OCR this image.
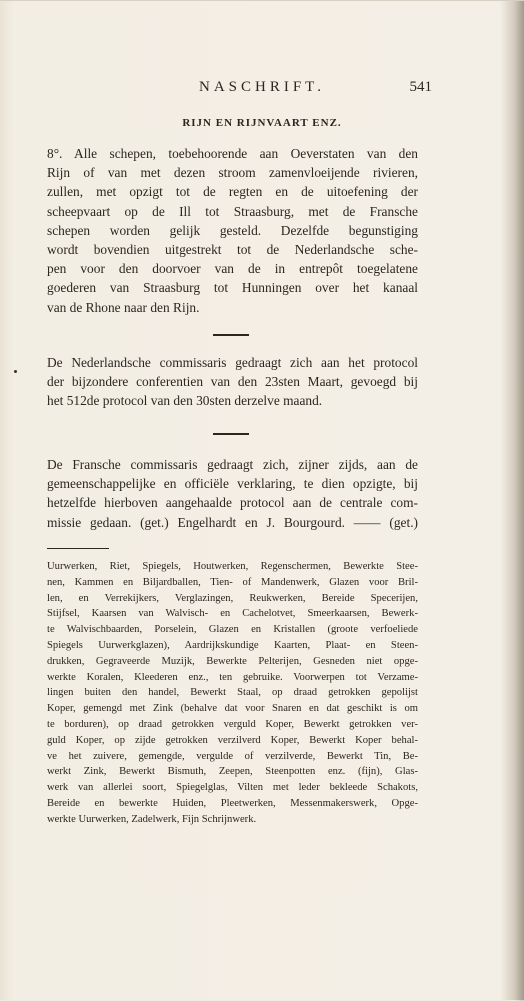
NASCHRIFT.	541
RIJN EN RIJNVAART ENZ.
8°. Alle schepen, toebehoorende aan Oeverstaten van den
Rijn of van met dezen stroom zamenvloeijende rivieren,
zullen, met opzigt tot de regten en de uitoefening der
scheepvaart op de Ill tot Straasburg, met de Fransche
schepen worden gelijk gesteld. Dezelfde begunstiging
wordt bovendien uitgestrekt tot de Nederlandsche sche-
pen voor den doorvoer van de in entrepôt toegelatene
goederen van Straasburg tot Hunningen over het kanaal
van de Rhone naar den Rijn.
De Nederlandsche commissaris gedraagt zich aan het protocol
der bijzondere conferentien van den 23sten Maart, gevoegd bij
het 512de protocol van den 30sten derzelve maand.
De Fransche commissaris gedraagt zich, zijner zijds, aan de
gemeenschappelijke en officiële verklaring, te dien opzigte, bij
hetzelfde hierboven aangehaalde protocol aan de centrale com-
missie gedaan. (get.) Engelhardt en J. Bourgourd. —— (get.)
Uurwerken, Riet, Spiegels, Houtwerken, Regenschermen, Bewerkte Stee-
nen, Kammen en Biljardballen, Tien- of Mandenwerk, Glazen voor Bril-
len, en Verrekijkers, Verglazingen, Reukwerken, Bereide Specerijen,
Stijfsel, Kaarsen van Walvisch- en Cachelotvet, Smeerkaarsen, Bewerk-
te Walvischbaarden, Porselein, Glazen en Kristallen (groote verfoeliede
Spiegels Uurwerkglazen), Aardrijkskundige Kaarten, Plaat- en Steen-
drukken, Gegraveerde Muzijk, Bewerkte Pelterijen, Gesneden niet opge-
werkte Koralen, Kleederen enz., ten gebruike. Voorwerpen tot Verzame-
lingen buiten den handel, Bewerkt Staal, op draad getrokken gepolijst
Koper, gemengd met Zink (behalve dat voor Snaren en dat geschikt is om
te borduren), op draad getrokken verguld Koper, Bewerkt getrokken ver-
guld Koper, op zijde getrokken verzilverd Koper, Bewerkt Koper behal-
ve het zuivere, gemengde, vergulde of verzilverde, Bewerkt Tin, Be-
werkt Zink, Bewerkt Bismuth, Zeepen, Steenpotten enz. (fijn), Glas-
werk van allerlei soort, Spiegelglas, Vilten met leder bekleede Schakots,
Bereide en bewerkte Huiden, Pleetwerken, Messenmakerswerk, Opge-
werkte Uurwerken, Zadelwerk, Fijn Schrijnwerk.
